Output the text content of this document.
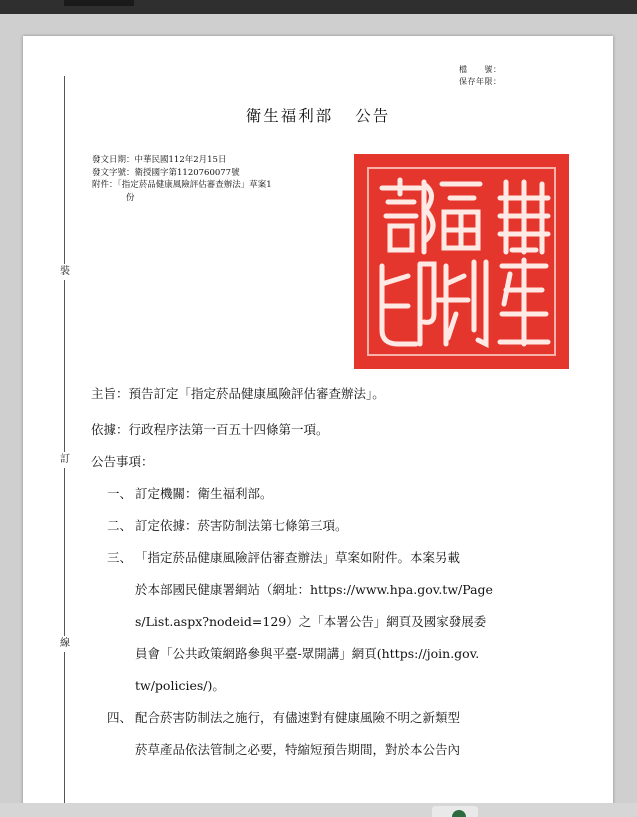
裝
訂
線
檔　　號：
保存年限：
衛生福利部 公告
發文日期：中華民國112年2月15日
發文字號：衛授國字第1120760077號
附件：「指定菸品健康風險評估審查辦法」草案1
份
主旨：預告訂定「指定菸品健康風險評估審查辦法」。
依據：行政程序法第一百五十四條第一項。
公告事項：
一、 訂定機關：衛生福利部。
二、 訂定依據：菸害防制法第七條第三項。
三、 「指定菸品健康風險評估審查辦法」草案如附件。本案另載
於本部國民健康署網站（網址：https://www.hpa.gov.tw/Page
s/List.aspx?nodeid=129）之「本署公告」網頁及國家發展委
員會「公共政策網路參與平臺-眾開講」網頁(https://join.gov.
tw/policies/)。
四、 配合菸害防制法之施行，有儘速對有健康風險不明之新類型
菸草產品依法管制之必要，特縮短預告期間，對於本公告內
